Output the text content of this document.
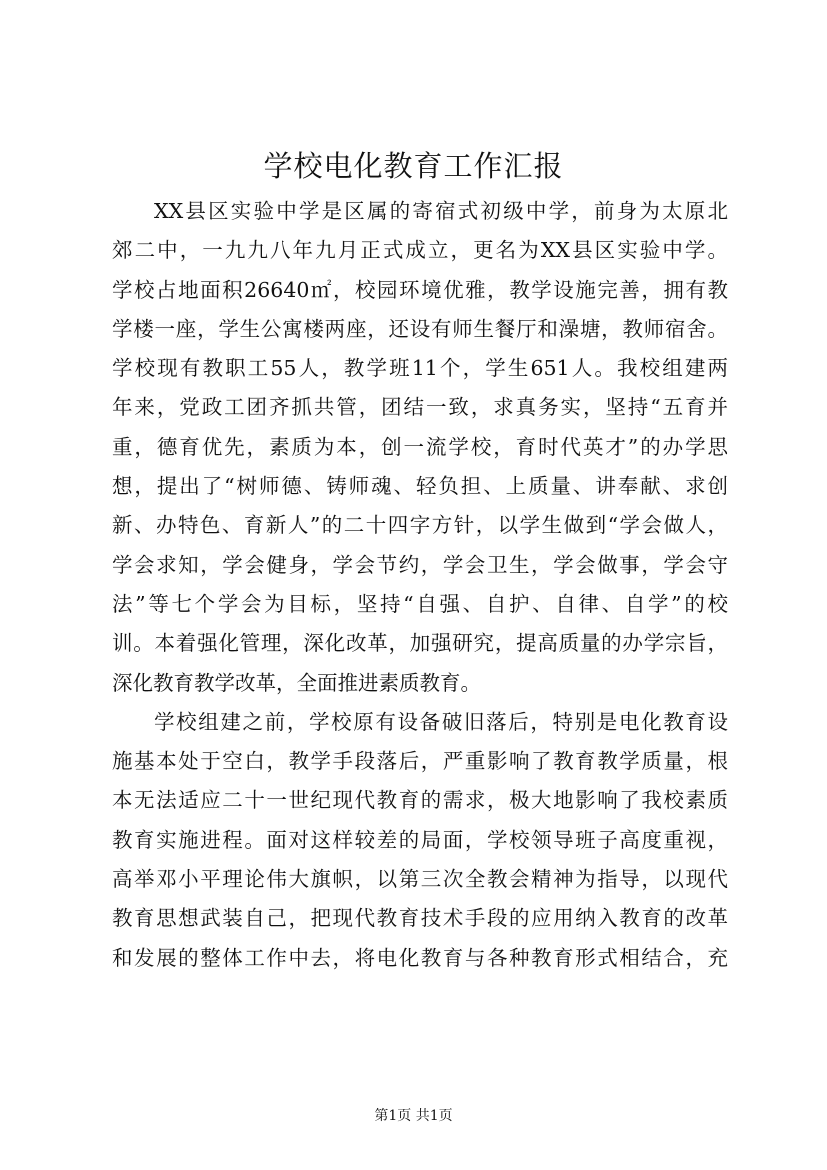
学校电化教育工作汇报
XX县区实验中学是区属的寄宿式初级中学，前身为太原北
郊二中，一九九八年九月正式成立，更名为XX县区实验中学。
学校占地面积26640㎡，校园环境优雅，教学设施完善，拥有教
学楼一座，学生公寓楼两座，还设有师生餐厅和澡塘，教师宿舍。
学校现有教职工55人，教学班11个，学生651人。我校组建两
年来，党政工团齐抓共管，团结一致，求真务实，坚持“五育并
重，德育优先，素质为本，创一流学校，育时代英才”的办学思
想，提出了“树师德、铸师魂、轻负担、上质量、讲奉献、求创
新、办特色、育新人”的二十四字方针，以学生做到“学会做人，
学会求知，学会健身，学会节约，学会卫生，学会做事，学会守
法”等七个学会为目标，坚持“自强、自护、自律、自学”的校
训。本着强化管理，深化改革，加强研究，提高质量的办学宗旨，
深化教育教学改革，全面推进素质教育。
学校组建之前，学校原有设备破旧落后，特别是电化教育设
施基本处于空白，教学手段落后，严重影响了教育教学质量，根
本无法适应二十一世纪现代教育的需求，极大地影响了我校素质
教育实施进程。面对这样较差的局面，学校领导班子高度重视，
高举邓小平理论伟大旗帜，以第三次全教会精神为指导，以现代
教育思想武装自己，把现代教育技术手段的应用纳入教育的改革
和发展的整体工作中去，将电化教育与各种教育形式相结合，充
第1页 共1页
